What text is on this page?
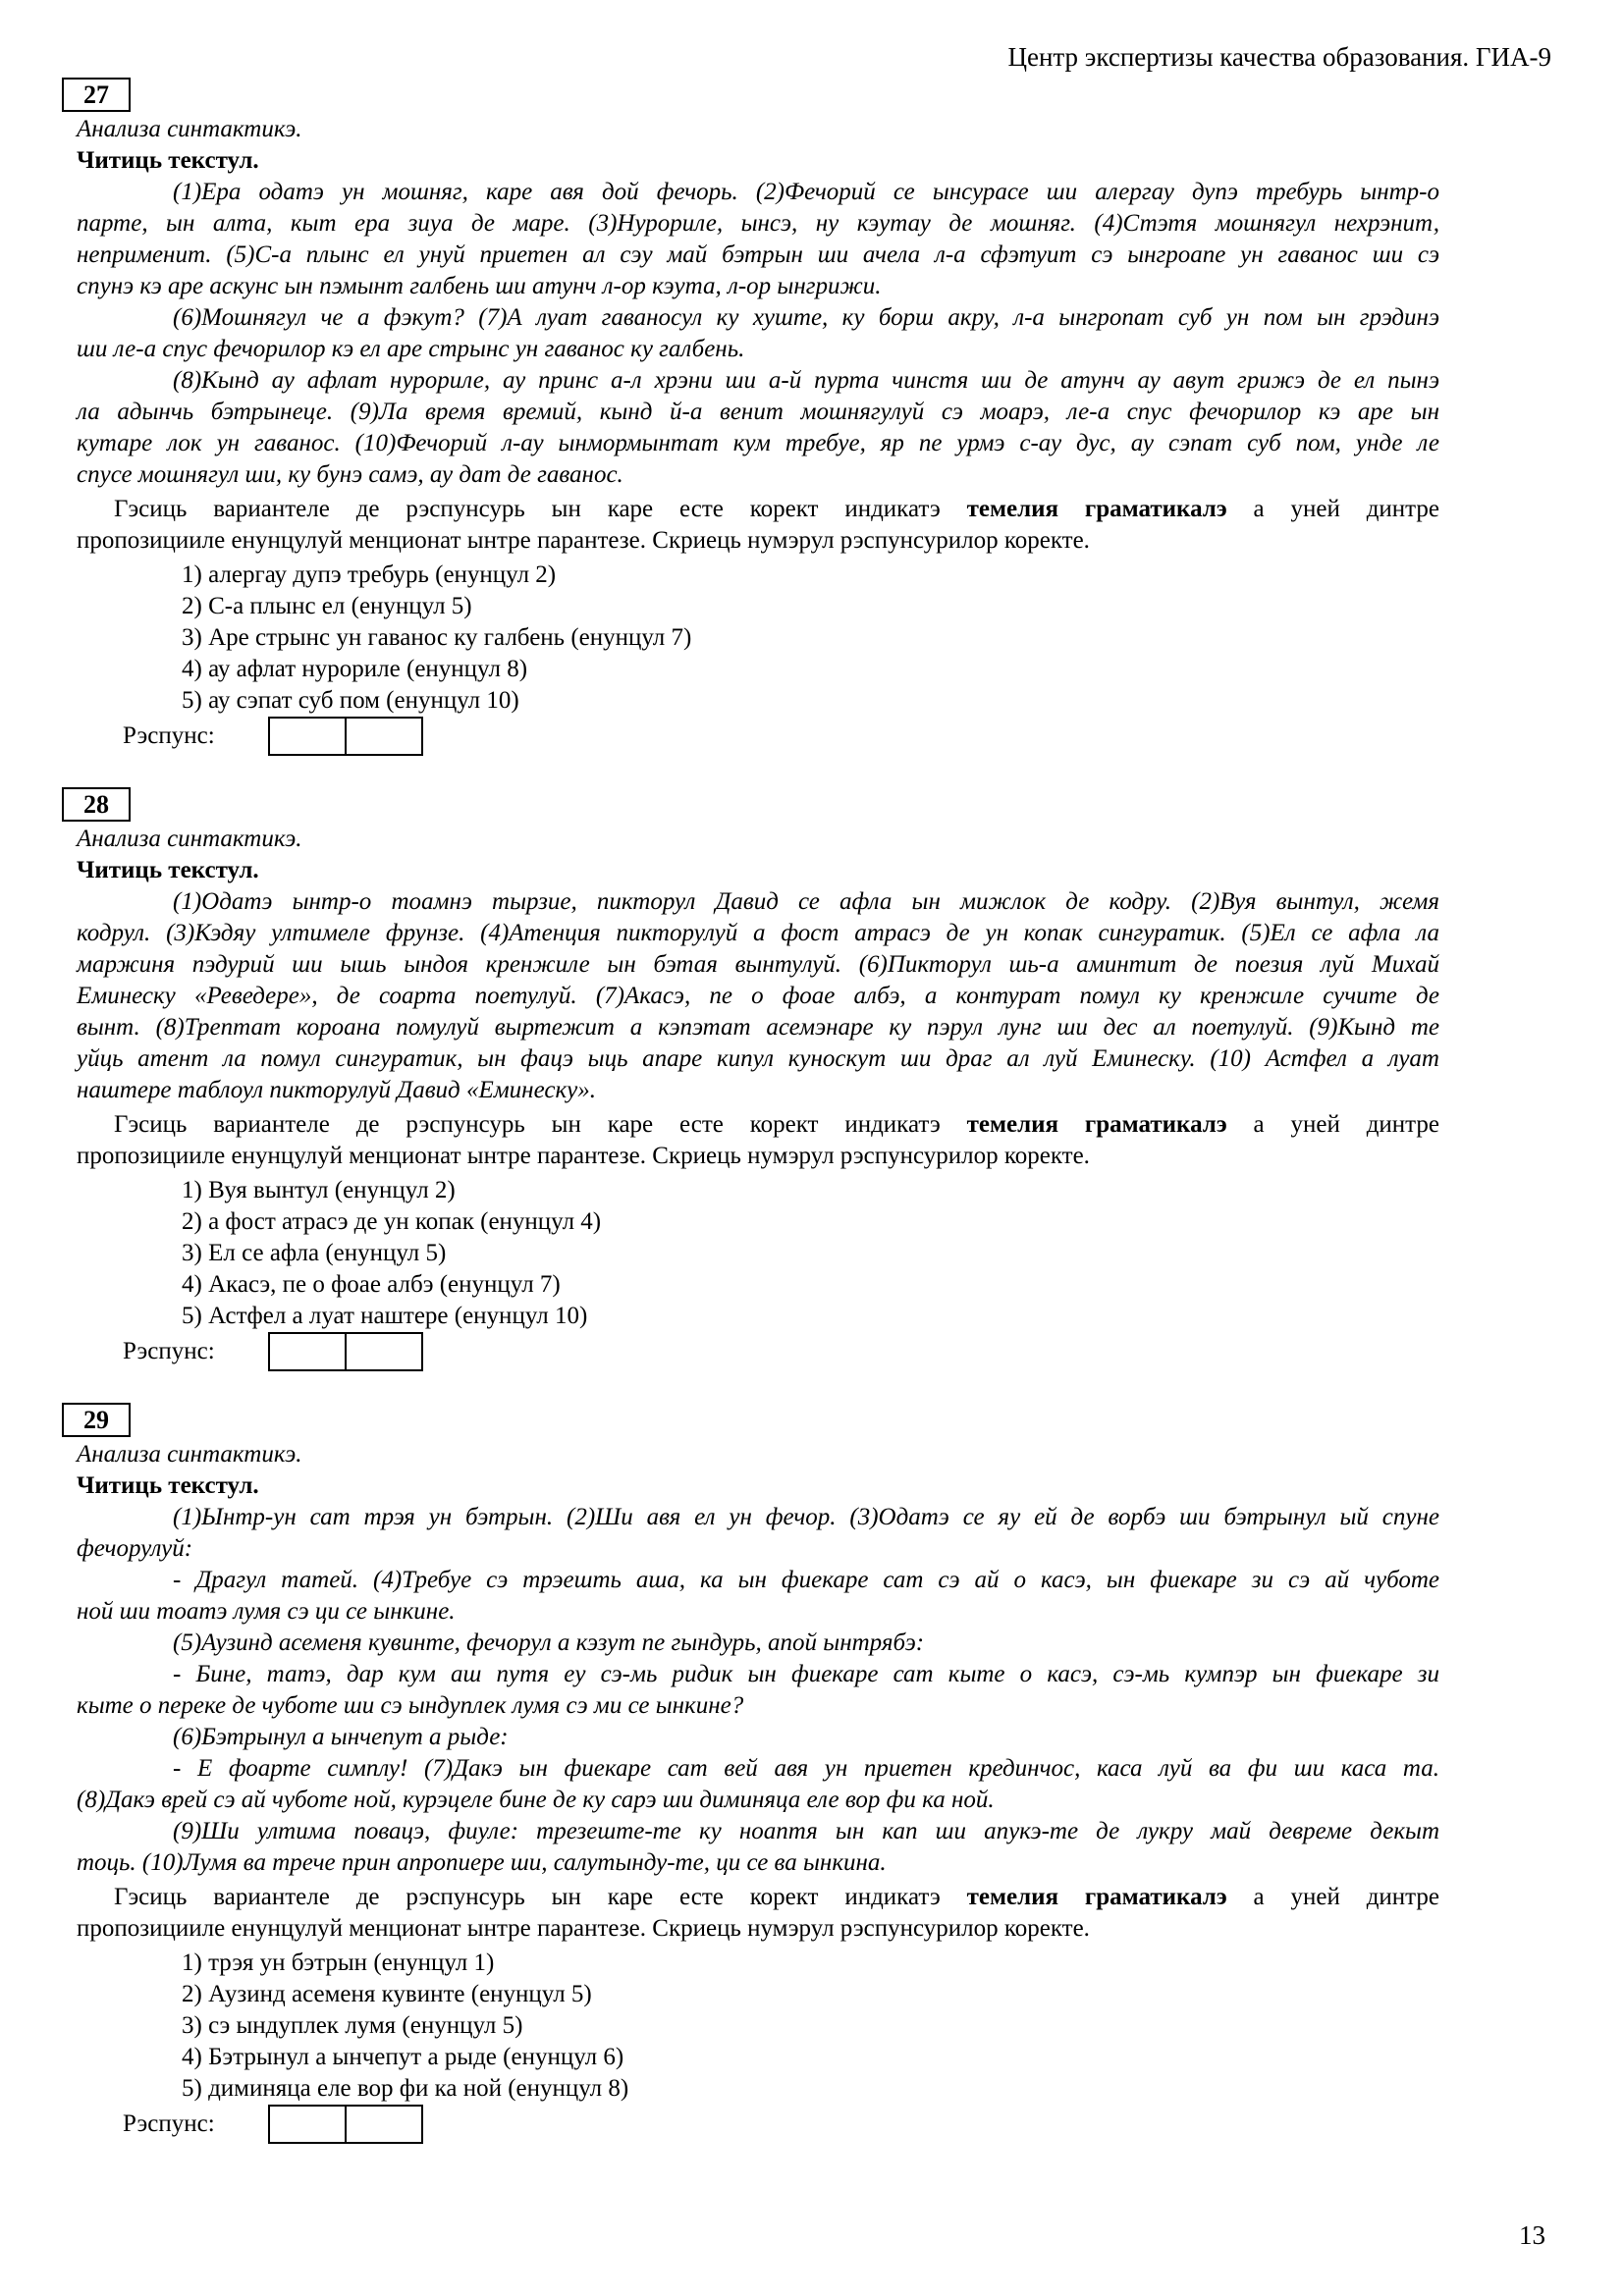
Центр экспертизы качества образования. ГИА-9
27
Анализа синтактикэ.
Читиць текстул.
(1)Ера одатэ ун мошняг, каре авя дой фечорь. (2)Фечорий се ынсурасе ши алергау дупэ требурь ынтр-о
парте, ын алта, кыт ера зиуа де маре. (3)Нурориле, ынсэ, ну кэутау де мошняг. (4)Стэтя мошнягул нехрэнит,
неприменит. (5)С-а плынс ел унуй приетен ал сэу май бэтрын ши ачела л-а сфэтуит сэ ынгроапе ун гаванос ши сэ
спунэ кэ аре аскунс ын пэмынт галбень ши атунч л-ор кэута, л-ор ынгрижи.
(6)Мошнягул че а фэкут? (7)А луат гаваносул ку хуште, ку борш акру, л-а ынгропат суб ун пом ын грэдинэ
ши ле-а спус фечорилор кэ ел аре стрынс ун гаванос ку галбень.
(8)Кынд ау афлат нурориле, ау принс а-л хрэни ши а-й пурта чинстя ши де атунч ау авут грижэ де ел пынэ
ла адынчь бэтрынеце. (9)Ла время времий, кынд й-а венит мошнягулуй сэ моарэ, ле-а спус фечорилор кэ аре ын
кутаре лок ун гаванос. (10)Фечорий л-ау ынмормынтат кум требуе, яр пе урмэ с-ау дус, ау сэпат суб пом, унде ле
спусе мошнягул ши, ку бунэ самэ, ау дат де гаванос.
Гэсиць вариантеле де рэспунсурь ын каре есте корект индикатэ темелия граматикалэ а уней динтре
пропозицииле енунцулуй менционат ынтре парантезе. Скриець нумэрул рэспунсурилор коректе.
1) алергау дупэ требурь (енунцул 2)
2) С-а плынс ел (енунцул 5)
3) Аре стрынс ун гаванос ку галбень (енунцул 7)
4) ау афлат нурориле (енунцул 8)
5) ау сэпат суб пом (енунцул 10)
Рэспунс:
28
Анализа синтактикэ.
Читиць текстул.
(1)Одатэ ынтр-о тоамнэ тырзие, пикторул Давид се афла ын мижлок де кодру. (2)Вуя вынтул, жемя
кодрул. (3)Кэдяу ултимеле фрунзе. (4)Атенция пикторулуй а фост атрасэ де ун копак сингуратик. (5)Ел се афла ла
маржиня пэдурий ши ышь ындоя кренжиле ын бэтая вынтулуй. (6)Пикторул шь-а аминтит де поезия луй Михай
Еминеску «Реведере», де соарта поетулуй. (7)Акасэ, пе о фоае албэ, а контурат помул ку кренжиле сучите де
вынт. (8)Трептат короана помулуй выртежит а кэпэтат асемэнаре ку пэрул лунг ши дес ал поетулуй. (9)Кынд те
уйць атент ла помул сингуратик, ын фацэ ыць апаре кипул куноскут ши драг ал луй Еминеску. (10) Астфел а луат
наштере таблоул пикторулуй Давид «Еминеску».
Гэсиць вариантеле де рэспунсурь ын каре есте корект индикатэ темелия граматикалэ а уней динтре
пропозицииле енунцулуй менционат ынтре парантезе. Скриець нумэрул рэспунсурилор коректе.
1) Вуя вынтул (енунцул 2)
2) а фост атрасэ де ун копак (енунцул 4)
3) Ел се афла (енунцул 5)
4) Акасэ, пе о фоае албэ (енунцул 7)
5) Астфел а луат наштере (енунцул 10)
Рэспунс:
29
Анализа синтактикэ.
Читиць текстул.
(1)Ынтр-ун сат трэя ун бэтрын. (2)Ши авя ел ун фечор. (3)Одатэ се яу ей де ворбэ ши бэтрынул ый спуне
фечорулуй:
- Драгул татей. (4)Требуе сэ трэешть аша, ка ын фиекаре сат сэ ай о касэ, ын фиекаре зи сэ ай чуботе
ной ши тоатэ лумя сэ ци се ынкине.
(5)Аузинд асеменя кувинте, фечорул а кэзут пе гындурь, апой ынтрябэ:
- Бине, татэ, дар кум аш путя еу сэ-мь ридик ын фиекаре сат кыте о касэ, сэ-мь кумпэр ын фиекаре зи
кыте о переке де чуботе ши сэ ындуплек лумя сэ ми се ынкине?
(6)Бэтрынул а ынчепут а рыде:
- Е фоарте симплу! (7)Дакэ ын фиекаре сат вей авя ун приетен крединчос, каса луй ва фи ши каса та.
(8)Дакэ врей сэ ай чуботе ной, курэцеле бине де ку сарэ ши диминяца еле вор фи ка ной.
(9)Ши ултима повацэ, фиуле: трезеште-те ку ноаптя ын кап ши апукэ-те де лукру май девреме декыт
тоць. (10)Лумя ва трече прин апропиере ши, салутынду-те, ци се ва ынкина.
Гэсиць вариантеле де рэспунсурь ын каре есте корект индикатэ темелия граматикалэ а уней динтре
пропозицииле енунцулуй менционат ынтре парантезе. Скриець нумэрул рэспунсурилор коректе.
1) трэя ун бэтрын (енунцул 1)
2) Аузинд асеменя кувинте (енунцул 5)
3) сэ ындуплек лумя (енунцул 5)
4) Бэтрынул а ынчепут а рыде (енунцул 6)
5) диминяца еле вор фи ка ной (енунцул 8)
Рэспунс:
13
